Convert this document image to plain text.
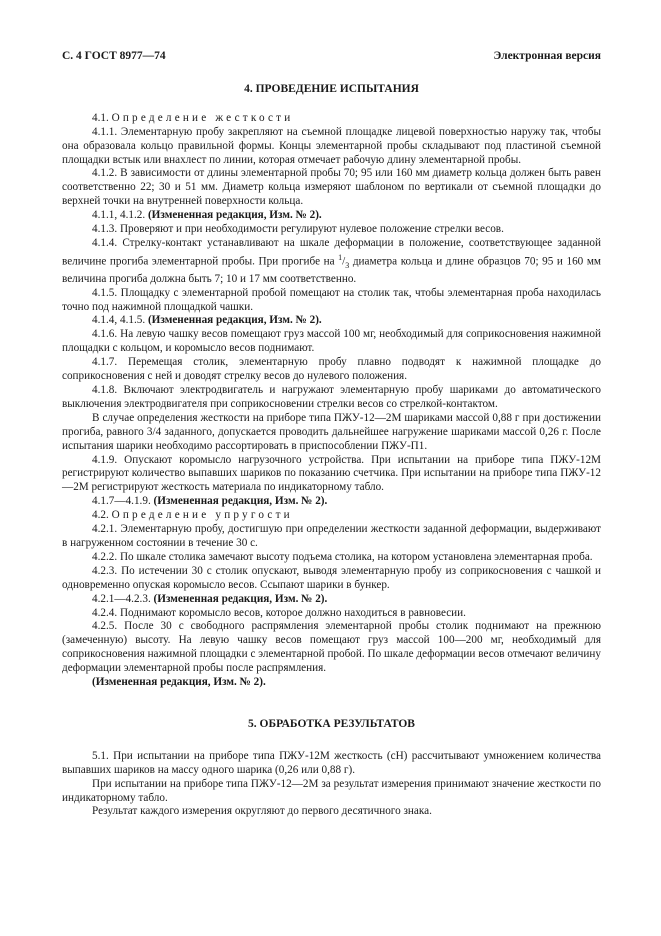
С. 4 ГОСТ 8977—74	Электронная версия
4. ПРОВЕДЕНИЕ ИСПЫТАНИЯ

4.1. Определение жесткости

4.1.1. Элементарную пробу закрепляют на съемной площадке лицевой поверхностью наружу так, чтобы она образовала кольцо правильной формы. Концы элементарной пробы складывают под пластиной съемной площадки встык или внахлест по линии, которая отмечает рабочую длину элементарной пробы.

4.1.2. В зависимости от длины элементарной пробы 70; 95 или 160 мм диаметр кольца должен быть равен соответственно 22; 30 и 51 мм. Диаметр кольца измеряют шаблоном по вертикали от съемной площадки до верхней точки на внутренней поверхности кольца.

4.1.1, 4.1.2. (Измененная редакция, Изм. № 2).

4.1.3. Проверяют и при необходимости регулируют нулевое положение стрелки весов.

4.1.4. Стрелку-контакт устанавливают на шкале деформации в положение, соответствующее заданной величине прогиба элементарной пробы. При прогибе на $^1/_3$ диаметра кольца и длине образцов 70; 95 и 160 мм величина прогиба должна быть 7; 10 и 17 мм соответственно.

4.1.5. Площадку с элементарной пробой помещают на столик так, чтобы элементарная проба находилась точно под нажимной площадкой чашки.

4.1.4, 4.1.5. (Измененная редакция, Изм. № 2).

4.1.6. На левую чашку весов помещают груз массой 100 мг, необходимый для соприкосновения нажимной площадки с кольцом, и коромысло весов поднимают.

4.1.7. Перемещая столик, элементарную пробу плавно подводят к нажимной площадке до соприкосновения с ней и доводят стрелку весов до нулевого положения.

4.1.8. Включают электродвигатель и нагружают элементарную пробу шариками до автоматического выключения электродвигателя при соприкосновении стрелки весов со стрелкой-контактом.

В случае определения жесткости на приборе типа ПЖУ-12—2М шариками массой 0,88 г при достижении прогиба, равного 3/4 заданного, допускается проводить дальнейшее нагружение шариками массой 0,26 г. После испытания шарики необходимо рассортировать в приспособлении ПЖУ-П1.

4.1.9. Опускают коромысло нагрузочного устройства. При испытании на приборе типа ПЖУ-12М регистрируют количество выпавших шариков по показанию счетчика. При испытании на приборе типа ПЖУ-12—2М регистрируют жесткость материала по индикаторному табло.

4.1.7—4.1.9. (Измененная редакция, Изм. № 2).

4.2. Определение упругости

4.2.1. Элементарную пробу, достигшую при определении жесткости заданной деформации, выдерживают в нагруженном состоянии в течение 30 с.

4.2.2. По шкале столика замечают высоту подъема столика, на котором установлена элементарная проба.

4.2.3. По истечении 30 с столик опускают, выводя элементарную пробу из соприкосновения с чашкой и одновременно опуская коромысло весов. Ссыпают шарики в бункер.

4.2.1—4.2.3. (Измененная редакция, Изм. № 2).

4.2.4. Поднимают коромысло весов, которое должно находиться в равновесии.

4.2.5. После 30 с свободного распрямления элементарной пробы столик поднимают на прежнюю (замеченную) высоту. На левую чашку весов помещают груз массой 100—200 мг, необходимый для соприкосновения нажимной площадки с элементарной пробой. По шкале деформации весов отмечают величину деформации элементарной пробы после распрямления.

(Измененная редакция, Изм. № 2).

5. ОБРАБОТКА РЕЗУЛЬТАТОВ

5.1. При испытании на приборе типа ПЖУ-12М жесткость (сН) рассчитывают умножением количества выпавших шариков на массу одного шарика (0,26 или 0,88 г).

При испытании на приборе типа ПЖУ-12—2М за результат измерения принимают значение жесткости по индикаторному табло.

Результат каждого измерения округляют до первого десятичного знака.
